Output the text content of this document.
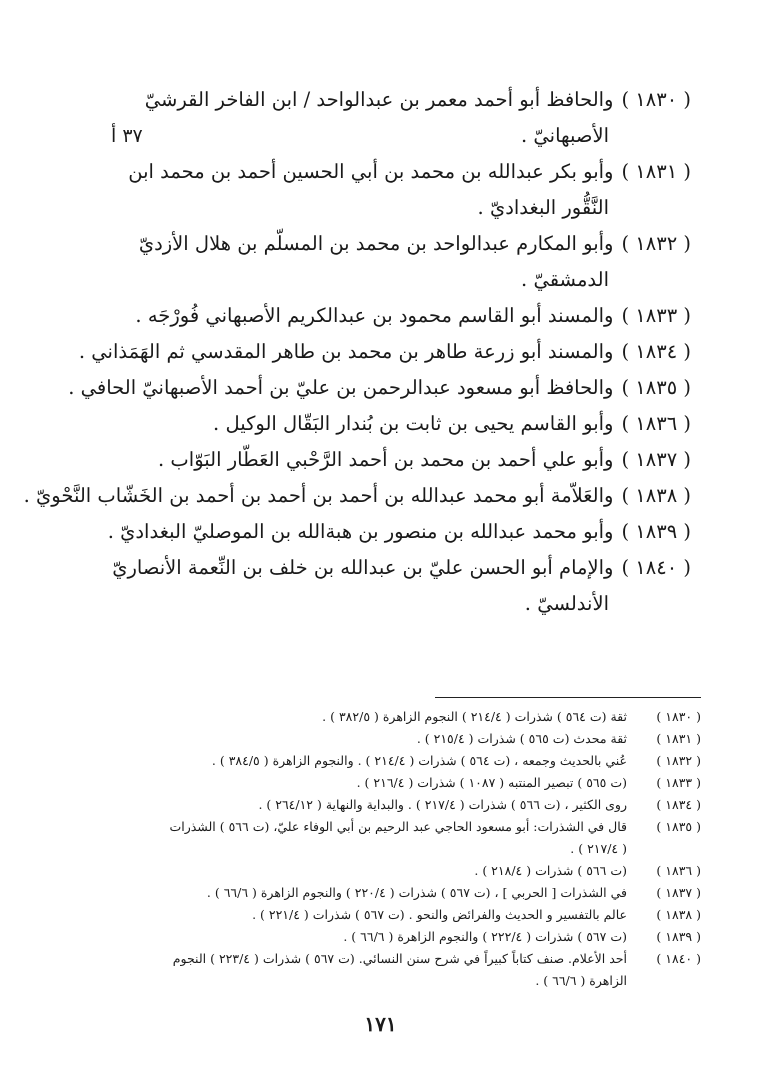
( ١٨٣٠ )والحافظ أبو أحمد معمر بن عبدالواحد / ابن الفاخر القرشيّ
الأصبهانيّ .
٣٧ أ
( ١٨٣١ )وأبو بكر عبدالله بن محمد بن أبي الحسين أحمد بن محمد ابن
النَّقُّور البغداديّ .
( ١٨٣٢ )وأبو المكارم عبدالواحد بن محمد بن المسلّم بن هلال الأزديّ
الدمشقيّ .
( ١٨٣٣ )والمسند أبو القاسم محمود بن عبدالكريم الأصبهاني فُورْجَه .
( ١٨٣٤ )والمسند أبو زرعة طاهر بن محمد بن طاهر المقدسي ثم الهَمَذاني .
( ١٨٣٥ )والحافظ أبو مسعود عبدالرحمن بن عليّ بن أحمد الأصبهانيّ الحافي .
( ١٨٣٦ )وأبو القاسم يحيى بن ثابت بن بُندار البَقّال الوكيل .
( ١٨٣٧ )وأبو علي أحمد بن محمد بن أحمد الرَّحْبي العَطّار البَوّاب .
( ١٨٣٨ )والعَلاّمة أبو محمد عبدالله بن أحمد بن أحمد بن أحمد بن الخَشّاب النَّحْويّ .
( ١٨٣٩ )وأبو محمد عبدالله بن منصور بن هبةالله بن الموصليّ البغداديّ .
( ١٨٤٠ )والإمام أبو الحسن عليّ بن عبدالله بن خلف بن النِّعمة الأنصاريّ
الأندلسيّ .
( ١٨٣٠ )
ثقة (ت ٥٦٤ ) شذرات ( ٢١٤/٤ ) النجوم الزاهرة ( ٣٨٢/٥ ) .
( ١٨٣١ )
ثقة محدث (ت ٥٦٥ ) شذرات ( ٢١٥/٤ ) .
( ١٨٣٢ )
عُني بالحديث وجمعه ، (ت ٥٦٤ ) شذرات ( ٢١٤/٤ ) . والنجوم الزاهرة ( ٣٨٤/٥ ) .
( ١٨٣٣ )
(ت ٥٦٥ ) تبصير المنتبه ( ١٠٨٧ ) شذرات ( ٢١٦/٤ ) .
( ١٨٣٤ )
روى الكثير ، (ت ٥٦٦ ) شذرات ( ٢١٧/٤ ) . والبداية والنهاية ( ٢٦٤/١٢ ) .
( ١٨٣٥ )
قال في الشذرات: أبو مسعود الحاجي عبد الرحيم بن أبي الوفاء عليّ، (ت ٥٦٦ ) الشذرات
( ٢١٧/٤ ) .
( ١٨٣٦ )
(ت ٥٦٦ ) شذرات ( ٢١٨/٤ ) .
( ١٨٣٧ )
في الشذرات [ الحربي ] ، (ت ٥٦٧ ) شذرات ( ٢٢٠/٤ ) والنجوم الزاهرة ( ٦٦/٦ ) .
( ١٨٣٨ )
عالم بالتفسير و الحديث والفرائض والنحو . (ت ٥٦٧ ) شذرات ( ٢٢١/٤ ) .
( ١٨٣٩ )
(ت ٥٦٧ ) شذرات ( ٢٢٢/٤ ) والنجوم الزاهرة ( ٦٦/٦ ) .
( ١٨٤٠ )
أحد الأعلام. صنف كتاباً كبيراً في شرح سنن النسائي. (ت ٥٦٧ ) شذرات ( ٢٢٣/٤ ) النجوم
الزاهرة ( ٦٦/٦ ) .
١٧١
